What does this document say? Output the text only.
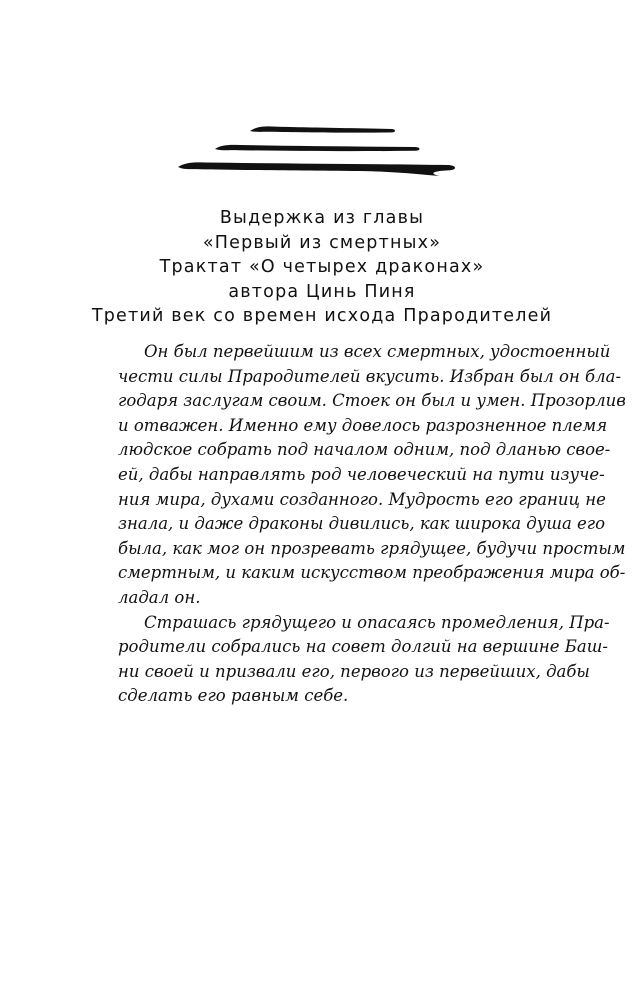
Выдержка из главы
«Первый из смертных»
Трактат «О четырех драконах»
автора Цинь Пиня
Третий век со времен исхода Прародителей
Он был первейшим из всех смертных, удостоенный
чести силы Прародителей вкусить. Избран был он бла-
годаря заслугам своим. Стоек он был и умен. Прозорлив
и отважен. Именно ему довелось разрозненное племя
людское собрать под началом одним, под дланью свое-
ей, дабы направлять род человеческий на пути изуче-
ния мира, духами созданного. Мудрость его границ не
знала, и даже драконы дивились, как широка душа его
была, как мог он прозревать грядущее, будучи простым
смертным, и каким искусством преображения мира об-
ладал он.
Страшась грядущего и опасаясь промедления, Пра-
родители собрались на совет долгий на вершине Баш-
ни своей и призвали его, первого из первейших, дабы
сделать его равным себе.
